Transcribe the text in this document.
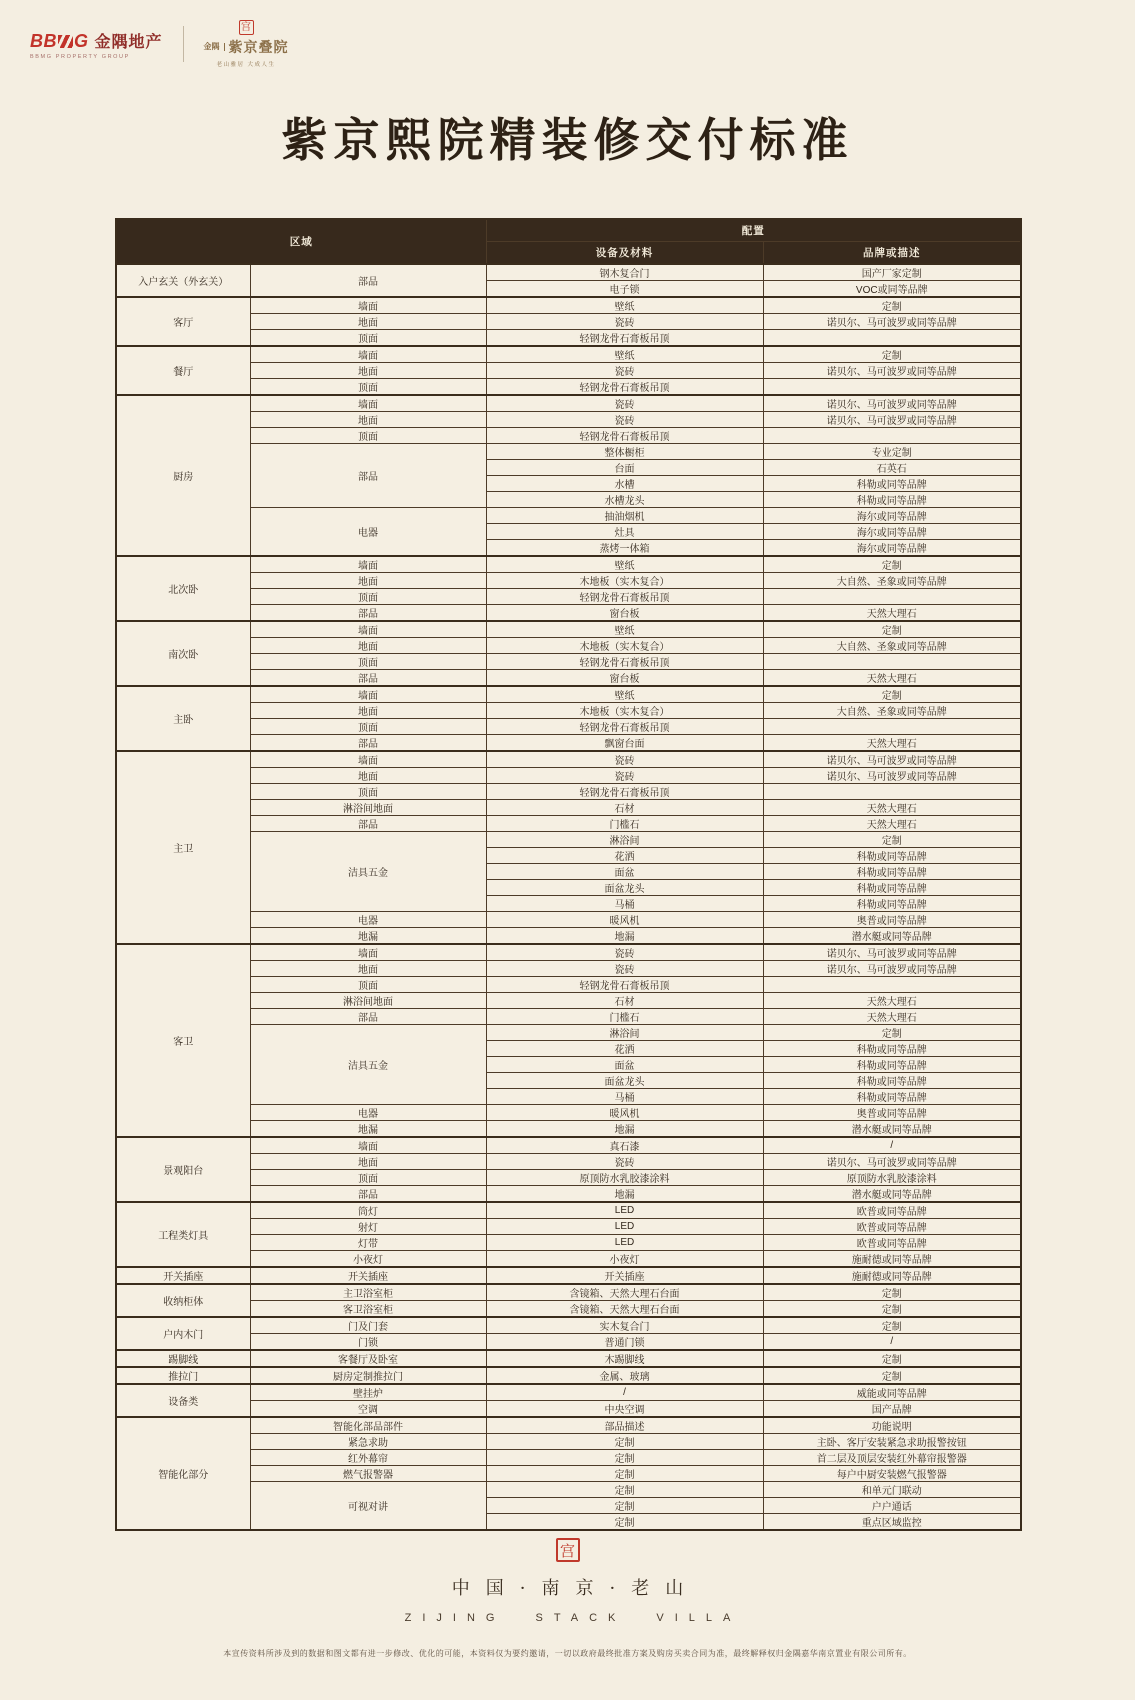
BB G 金隅地产
BBMG PROPERTY GROUP
宫
金隅 紫京叠院
老山雅居 大成人生
紫京熙院精装修交付标准
区域		配置	
		设备及材料	品牌或描述
入户玄关（外玄关）	部品	钢木复合门	国产厂家定制
		电子锁	VOC或同等品牌
客厅	墙面	壁纸	定制
	地面	瓷砖	诺贝尔、马可波罗或同等品牌
	顶面	轻钢龙骨石膏板吊顶	
餐厅	墙面	壁纸	定制
	地面	瓷砖	诺贝尔、马可波罗或同等品牌
	顶面	轻钢龙骨石膏板吊顶	
厨房	墙面	瓷砖	诺贝尔、马可波罗或同等品牌
	地面	瓷砖	诺贝尔、马可波罗或同等品牌
	顶面	轻钢龙骨石膏板吊顶	
	部品	整体橱柜	专业定制
		台面	石英石
		水槽	科勒或同等品牌
		水槽龙头	科勒或同等品牌
	电器	抽油烟机	海尔或同等品牌
		灶具	海尔或同等品牌
		蒸烤一体箱	海尔或同等品牌
北次卧	墙面	壁纸	定制
	地面	木地板（实木复合）	大自然、圣象或同等品牌
	顶面	轻钢龙骨石膏板吊顶	
	部品	窗台板	天然大理石
南次卧	墙面	壁纸	定制
	地面	木地板（实木复合）	大自然、圣象或同等品牌
	顶面	轻钢龙骨石膏板吊顶	
	部品	窗台板	天然大理石
主卧	墙面	壁纸	定制
	地面	木地板（实木复合）	大自然、圣象或同等品牌
	顶面	轻钢龙骨石膏板吊顶	
	部品	飘窗台面	天然大理石
主卫	墙面	瓷砖	诺贝尔、马可波罗或同等品牌
	地面	瓷砖	诺贝尔、马可波罗或同等品牌
	顶面	轻钢龙骨石膏板吊顶	
	淋浴间地面	石材	天然大理石
	部品	门槛石	天然大理石
	洁具五金	淋浴间	定制
		花洒	科勒或同等品牌
		面盆	科勒或同等品牌
		面盆龙头	科勒或同等品牌
		马桶	科勒或同等品牌
	电器	暖风机	奥普或同等品牌
	地漏	地漏	潜水艇或同等品牌
客卫	墙面	瓷砖	诺贝尔、马可波罗或同等品牌
	地面	瓷砖	诺贝尔、马可波罗或同等品牌
	顶面	轻钢龙骨石膏板吊顶	
	淋浴间地面	石材	天然大理石
	部品	门槛石	天然大理石
	洁具五金	淋浴间	定制
		花洒	科勒或同等品牌
		面盆	科勒或同等品牌
		面盆龙头	科勒或同等品牌
		马桶	科勒或同等品牌
	电器	暖风机	奥普或同等品牌
	地漏	地漏	潜水艇或同等品牌
景观阳台	墙面	真石漆	/
	地面	瓷砖	诺贝尔、马可波罗或同等品牌
	顶面	原顶防水乳胶漆涂料	原顶防水乳胶漆涂料
	部品	地漏	潜水艇或同等品牌
工程类灯具	筒灯	LED	欧普或同等品牌
	射灯	LED	欧普或同等品牌
	灯带	LED	欧普或同等品牌
	小夜灯	小夜灯	施耐德或同等品牌
开关插座	开关插座	开关插座	施耐德或同等品牌
收纳柜体	主卫浴室柜	含镜箱、天然大理石台面	定制
	客卫浴室柜	含镜箱、天然大理石台面	定制
户内木门	门及门套	实木复合门	定制
	门锁	普通门锁	/
踢脚线	客餐厅及卧室	木踢脚线	定制
推拉门	厨房定制推拉门	金属、玻璃	定制
设备类	壁挂炉	/	威能或同等品牌
	空调	中央空调	国产品牌
智能化部分	智能化部品部件	部品描述	功能说明
	紧急求助	定制	主卧、客厅安装紧急求助报警按钮
	红外幕帘	定制	首二层及顶层安装红外幕帘报警器
	燃气报警器	定制	每户中厨安装燃气报警器
	可视对讲	定制	和单元门联动
		定制	户户通话
		定制	重点区域监控
宫
中国·南京·老山
ZIJING STACK VILLA
本宣传资料所涉及到的数据和图文都有进一步修改、优化的可能，本资料仅为要约邀请，一切以政府最终批准方案及购房买卖合同为准，最终解释权归金隅嘉华南京置业有限公司所有。
